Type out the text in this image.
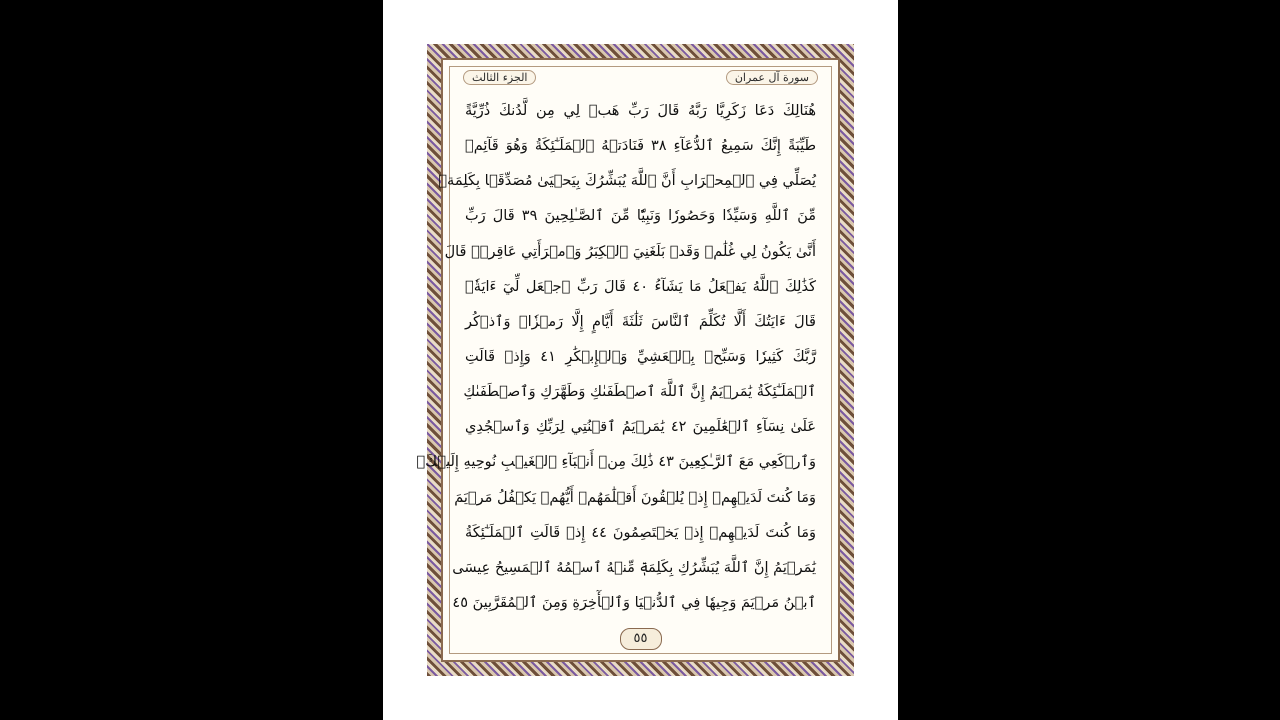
الجزء الثالث	سورة آل عمران
هُنَالِكَ دَعَا زَكَرِيَّا رَبَّهُ قَالَ رَبِّ هَبۡ لِي مِن لَّدُنكَ ذُرِّيَّةً
طَيِّبَةً إِنَّكَ سَمِيعُ ٱلدُّعَآءِ ٣٨ فَنَادَتۡهُ ٱلۡمَلَـٰٓئِكَةُ وَهُوَ قَآئِمٞ
يُصَلِّي فِي ٱلۡمِحۡرَابِ أَنَّ ٱللَّهَ يُبَشِّرُكَ بِيَحۡيَىٰ مُصَدِّقَۢا بِكَلِمَةٖ
مِّنَ ٱللَّهِ وَسَيِّدٗا وَحَصُورٗا وَنَبِيّٗا مِّنَ ٱلصَّـٰلِحِينَ ٣٩ قَالَ رَبِّ
أَنَّىٰ يَكُونُ لِي غُلَٰمٞ وَقَدۡ بَلَغَنِيَ ٱلۡكِبَرُ وَٱمۡرَأَتِي عَاقِرٞۖ قَالَ
كَذَٰلِكَ ٱللَّهُ يَفۡعَلُ مَا يَشَآءُ ٤٠ قَالَ رَبِّ ٱجۡعَل لِّيٓ ءَايَةٗۖ
قَالَ ءَايَتُكَ أَلَّا تُكَلِّمَ ٱلنَّاسَ ثَلَٰثَةَ أَيَّامٍ إِلَّا رَمۡزٗاۗ وَٱذۡكُر
رَّبَّكَ كَثِيرٗا وَسَبِّحۡ بِٱلۡعَشِيِّ وَٱلۡإِبۡكَٰرِ ٤١ وَإِذۡ قَالَتِ
ٱلۡمَلَـٰٓئِكَةُ يَٰمَرۡيَمُ إِنَّ ٱللَّهَ ٱصۡطَفَىٰكِ وَطَهَّرَكِ وَٱصۡطَفَىٰكِ
عَلَىٰ نِسَآءِ ٱلۡعَٰلَمِينَ ٤٢ يَٰمَرۡيَمُ ٱقۡنُتِي لِرَبِّكِ وَٱسۡجُدِي
وَٱرۡكَعِي مَعَ ٱلرَّـٰكِعِينَ ٤٣ ذَٰلِكَ مِنۡ أَنۢبَآءِ ٱلۡغَيۡبِ نُوحِيهِ إِلَيۡكَۚ
وَمَا كُنتَ لَدَيۡهِمۡ إِذۡ يُلۡقُونَ أَقۡلَٰمَهُمۡ أَيُّهُمۡ يَكۡفُلُ مَرۡيَمَ
وَمَا كُنتَ لَدَيۡهِمۡ إِذۡ يَخۡتَصِمُونَ ٤٤ إِذۡ قَالَتِ ٱلۡمَلَـٰٓئِكَةُ
يَٰمَرۡيَمُ إِنَّ ٱللَّهَ يُبَشِّرُكِ بِكَلِمَةٖ مِّنۡهُ ٱسۡمُهُ ٱلۡمَسِيحُ عِيسَى
ٱبۡنُ مَرۡيَمَ وَجِيهٗا فِي ٱلدُّنۡيَا وَٱلۡأٓخِرَةِ وَمِنَ ٱلۡمُقَرَّبِينَ ٤٥
٥٥
